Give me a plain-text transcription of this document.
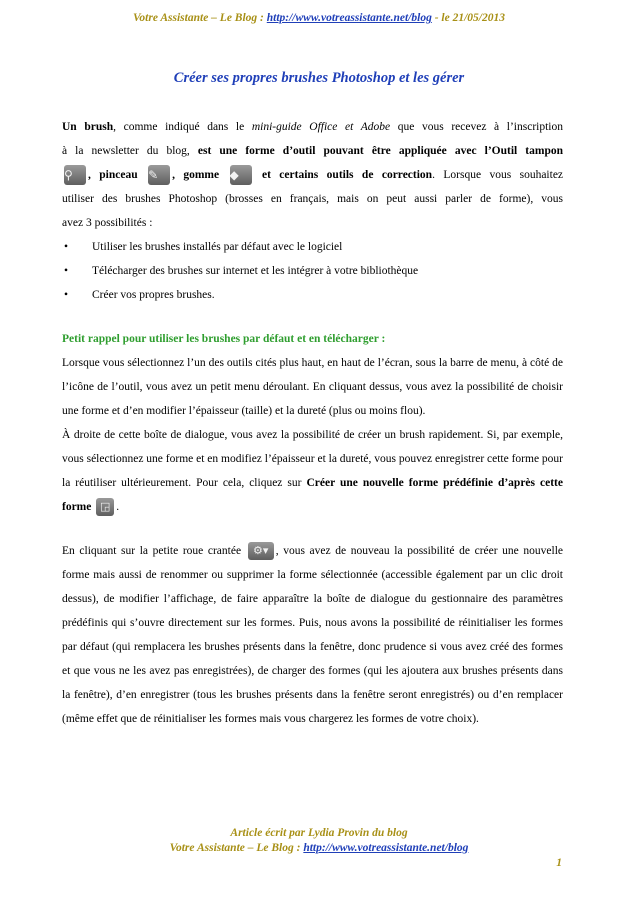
Votre Assistante – Le Blog : http://www.votreassistante.net/blog - le 21/05/2013
Créer ses propres brushes Photoshop et les gérer

Un brush, comme indiqué dans le mini-guide Office et Adobe que vous recevez à l’inscription

à la newsletter du blog, est une forme d’outil pouvant être appliquée avec l’Outil tampon

⚲	, pinceau ✎	, gomme ◆	et certains outils de correction. Lorsque vous souhaitez

utiliser des brushes Photoshop (brosses en français, mais on peut aussi parler de forme), vous

avez 3 possibilités :

• Utiliser les brushes installés par défaut avec le logiciel
• Télécharger des brushes sur internet et les intégrer à votre bibliothèque
• Créer vos propres brushes.

Petit rappel pour utiliser les brushes par défaut et en télécharger :

Lorsque vous sélectionnez l’un des outils cités plus haut, en haut de l’écran, sous la barre de menu, à côté de l’icône de l’outil, vous avez un petit menu déroulant. En cliquant dessus, vous avez la possibilité de choisir une forme et d’en modifier l’épaisseur (taille) et la dureté (plus ou moins flou).

À droite de cette boîte de dialogue, vous avez la possibilité de créer un brush rapidement. Si, par exemple, vous sélectionnez une forme et en modifiez l’épaisseur et la dureté, vous pouvez enregistrer cette forme pour la réutiliser ultérieurement. Pour cela, cliquez sur Créer une nouvelle forme prédéfinie d’après cette forme ◲ .

En cliquant sur la petite roue crantée ⚙▾ , vous avez de nouveau la possibilité de créer une nouvelle forme mais aussi de renommer ou supprimer la forme sélectionnée (accessible également par un clic droit dessus), de modifier l’affichage, de faire apparaître la boîte de dialogue du gestionnaire des paramètres prédéfinis qui s’ouvre directement sur les formes. Puis, nous avons la possibilité de réinitialiser les formes par défaut (qui remplacera les brushes présents dans la fenêtre, donc prudence si vous avez créé des formes et que vous ne les avez pas enregistrées), de charger des formes (qui les ajoutera aux brushes présents dans la fenêtre), d’en enregistrer (tous les brushes présents dans la fenêtre seront enregistrés) ou d’en remplacer (même effet que de réinitialiser les formes mais vous chargerez les formes de votre choix).

Article écrit par Lydia Provin du blog
Votre Assistante – Le Blog : http://www.votreassistante.net/blog
1
